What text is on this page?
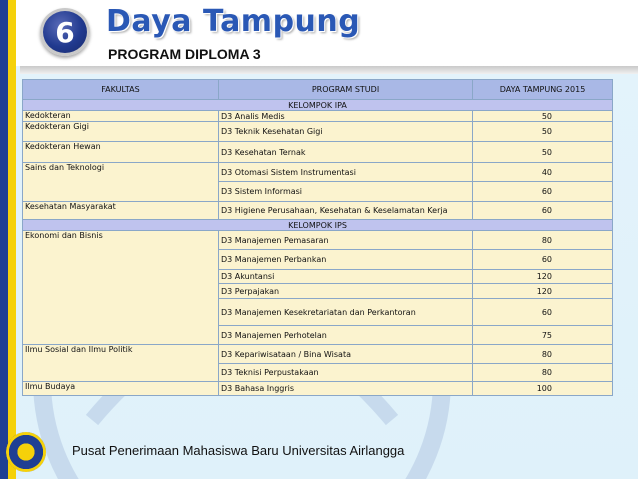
6 Daya Tampung
PROGRAM DIPLOMA 3
FAKULTAS	PROGRAM STUDI	DAYA TAMPUNG 2015
KELOMPOK IPA		
Kedokteran	D3 Analis Medis	50
Kedokteran Gigi	D3 Teknik Kesehatan Gigi	50
Kedokteran Hewan	D3 Kesehatan Ternak	50
Sains dan Teknologi	D3 Otomasi Sistem Instrumentasi	40
	D3 Sistem Informasi	60
Kesehatan Masyarakat	D3 Higiene Perusahaan, Kesehatan & Keselamatan Kerja	60
KELOMPOK IPS		
Ekonomi dan Bisnis	D3 Manajemen Pemasaran	80
	D3 Manajemen Perbankan	60
	D3 Akuntansi	120
	D3 Perpajakan	120
	D3 Manajemen Kesekretariatan dan Perkantoran	60
	D3 Manajemen Perhotelan	75
Ilmu Sosial dan Ilmu Politik	D3 Kepariwisataan / Bina Wisata	80
	D3 Teknisi Perpustakaan	80
Ilmu Budaya	D3 Bahasa Inggris	100
Pusat Penerimaan Mahasiswa Baru Universitas Airlangga
